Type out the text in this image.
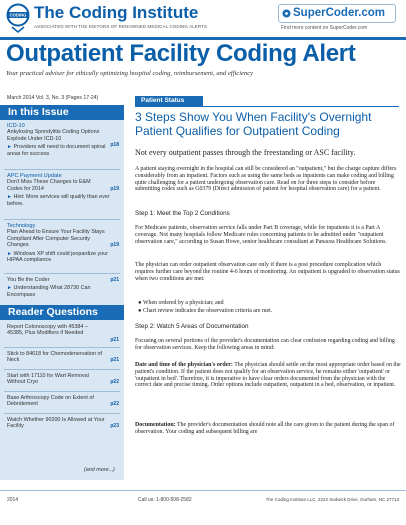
CODING The Coding Institute
ASSOCIATED WITH THE EDITORS OF RENOWNED MEDICAL CODING ALERTS
SuperCoder.com
Find more content on SuperCoder.com
Outpatient Facility Coding Alert
Your practical adviser for ethically optimizing hospital coding, reimbursement, and efficiency
March 2014 Vol. 3, No. 3 (Pages 17-24)
In this Issue
ICD-10
Ankylosing Spondylitis Coding Options Explode Under ICD-10
p18
► Providers will need to document spinal areas for success
APC Payment Update
Don't Miss These Changes to E&M Codes for 2014	p19
► Hint: More services will qualify than ever before.
Technology
Plan Ahead to Ensure Your Facility Stays Compliant After Computer Security Changes	p19
► Windows XP shift could jeopardize your HIPAA compliance
You Be the Coder	p21
► Understanding What 28730 Can Encompass
Reader Questions
Report Colonoscopy with 45384 – 45385, Plus Modifiers if Needed
p21
Stick to 84618 for Chemodenervation of Neck	p21
Start with 17110 for Wart Removal Without Cryo	p22
Base Arthroscopy Code on Extent of Debridement	p22
Watch Whether 90200 Is Allowed at Your Facility	p23
(and more...)
Patient Status
3 Steps Show You When Facility's Overnight Patient Qualifies for Outpatient Coding
Not every outpatient passes through the freestanding or ASC facility.
A patient staying overnight in the hospital can still be considered an "outpatient," but the charge capture differs considerably from an inpatient. Factors such as using the same beds as inpatients can make coding and billing quite challenging for a patient undergoing observation care. Read on for three steps to consider before submitting codes such as G0379 (Direct admission of patient for hospital observation care) for a patient.
Step 1: Meet the Top 2 Conditions
For Medicare patients, observation service falls under Part B coverage, while for inpatients it is a Part A coverage. Not many hospitals follow Medicare rules concerning patients to be admitted under "outpatient observation care," according to Susan Howe, senior healthcare consultant at Panacea Healthcare Solutions.
The physician can order outpatient observation care only if there is a post procedure complication which requires further care beyond the routine 4-6 hours of monitoring. An outpatient is upgraded to observation status when two conditions are met:
● When ordered by a physician; and
● Chart review indicates the observation criteria are met.
Step 2: Watch 5 Areas of Documentation
Focusing on several portions of the provider's documentation can clear confusion regarding coding and billing for observation services. Keep the following areas in mind:
Date and time of the physician's order: The physician should settle on the most appropriate order based on the patient's condition. If the patient does not qualify for an observation service, he remains either 'outpatient' or 'outpatient in bed'. Therefore, it is imperative to have clear orders documented from the physician with the correct date and precise timing. Order options include outpatient, outpatient in a bed, observation, or inpatient.
Documentation: The provider's documentation should note all the care given to the patient during the span of observation. Your coding and subsequent billing are
2014	Call us: 1-800-508-2582	The Coding Institute LLC, 2222 Sedwick Drive, Durham, NC 27713
